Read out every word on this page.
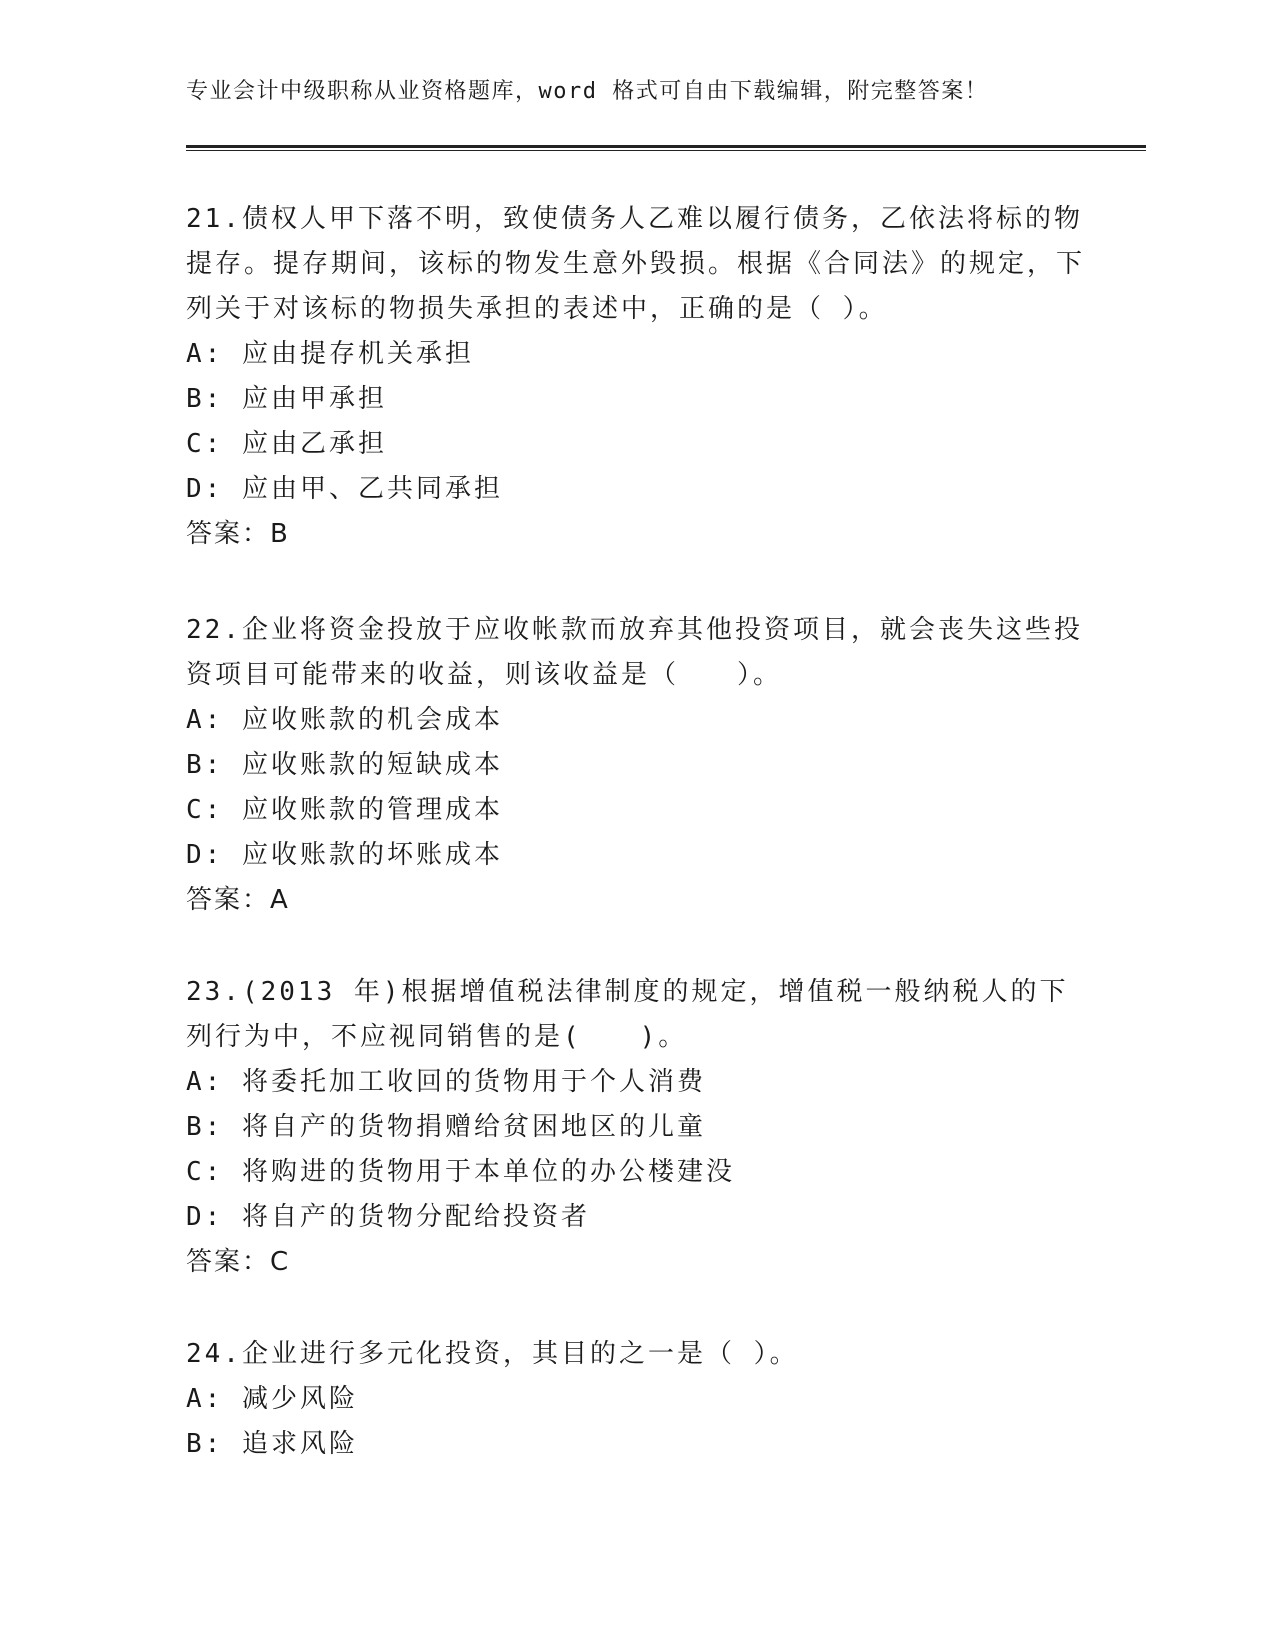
专业会计中级职称从业资格题库，word 格式可自由下载编辑，附完整答案！

21.债权人甲下落不明，致使债务人乙难以履行债务，乙依法将标的物提存。提存期间，该标的物发生意外毁损。根据《合同法》的规定，下列关于对该标的物损失承担的表述中，正确的是（ ）。

A: 应由提存机关承担

B: 应由甲承担

C: 应由乙承担

D: 应由甲、乙共同承担

答案：B

22.企业将资金投放于应收帐款而放弃其他投资项目，就会丧失这些投资项目可能带来的收益，则该收益是（　　）。

A: 应收账款的机会成本

B: 应收账款的短缺成本

C: 应收账款的管理成本

D: 应收账款的坏账成本

答案：A

23.(2013 年)根据增值税法律制度的规定，增值税一般纳税人的下列行为中，不应视同销售的是(　　)。

A: 将委托加工收回的货物用于个人消费

B: 将自产的货物捐赠给贫困地区的儿童

C: 将购进的货物用于本单位的办公楼建没

D: 将自产的货物分配给投资者

答案：C

24.企业进行多元化投资，其目的之一是（ ）。

A: 减少风险

B: 追求风险
